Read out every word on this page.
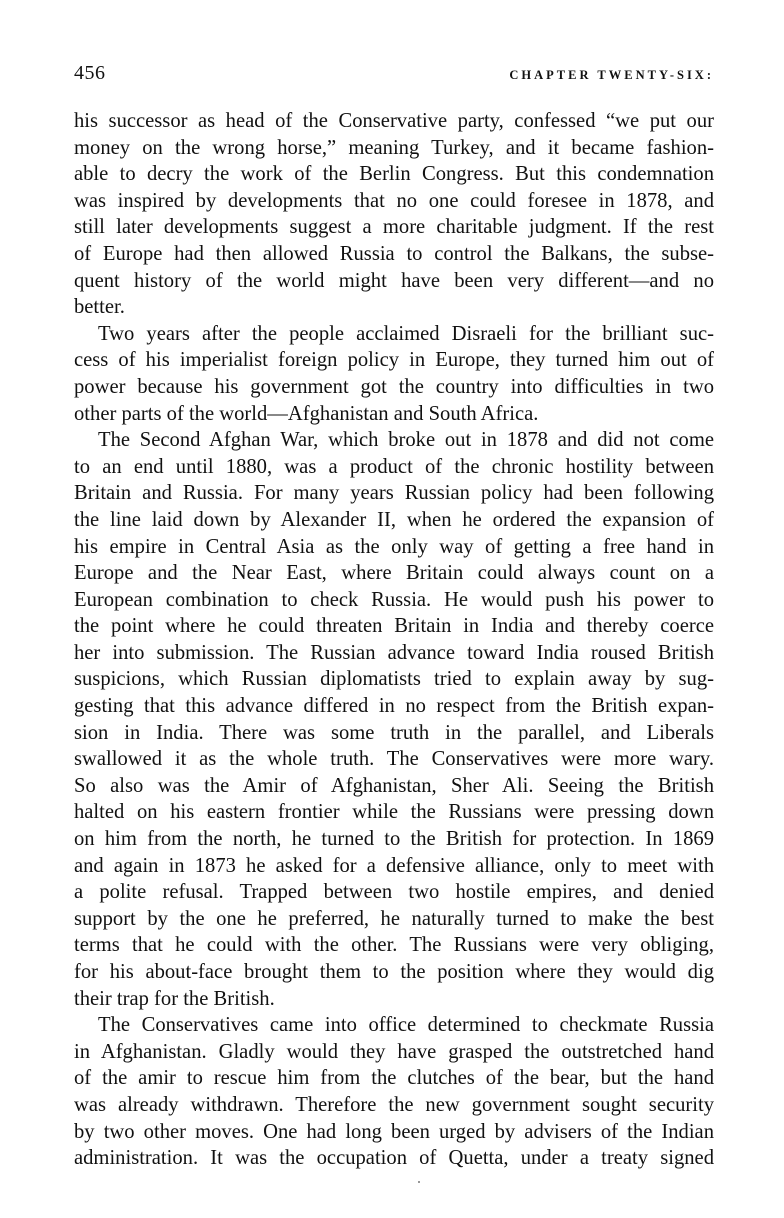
456	CHAPTER TWENTY-SIX:
his successor as head of the Conservative party, confessed “we put our
money on the wrong horse,” meaning Turkey, and it became fashion-
able to decry the work of the Berlin Congress. But this condemnation
was inspired by developments that no one could foresee in 1878, and
still later developments suggest a more charitable judgment. If the rest
of Europe had then allowed Russia to control the Balkans, the subse-
quent history of the world might have been very different—and no
better.
Two years after the people acclaimed Disraeli for the brilliant suc-
cess of his imperialist foreign policy in Europe, they turned him out of
power because his government got the country into difficulties in two
other parts of the world—Afghanistan and South Africa.
The Second Afghan War, which broke out in 1878 and did not come
to an end until 1880, was a product of the chronic hostility between
Britain and Russia. For many years Russian policy had been following
the line laid down by Alexander II, when he ordered the expansion of
his empire in Central Asia as the only way of getting a free hand in
Europe and the Near East, where Britain could always count on a
European combination to check Russia. He would push his power to
the point where he could threaten Britain in India and thereby coerce
her into submission. The Russian advance toward India roused British
suspicions, which Russian diplomatists tried to explain away by sug-
gesting that this advance differed in no respect from the British expan-
sion in India. There was some truth in the parallel, and Liberals
swallowed it as the whole truth. The Conservatives were more wary.
So also was the Amir of Afghanistan, Sher Ali. Seeing the British
halted on his eastern frontier while the Russians were pressing down
on him from the north, he turned to the British for protection. In 1869
and again in 1873 he asked for a defensive alliance, only to meet with
a polite refusal. Trapped between two hostile empires, and denied
support by the one he preferred, he naturally turned to make the best
terms that he could with the other. The Russians were very obliging,
for his about-face brought them to the position where they would dig
their trap for the British.
The Conservatives came into office determined to checkmate Russia
in Afghanistan. Gladly would they have grasped the outstretched hand
of the amir to rescue him from the clutches of the bear, but the hand
was already withdrawn. Therefore the new government sought security
by two other moves. One had long been urged by advisers of the Indian
administration. It was the occupation of Quetta, under a treaty signed
